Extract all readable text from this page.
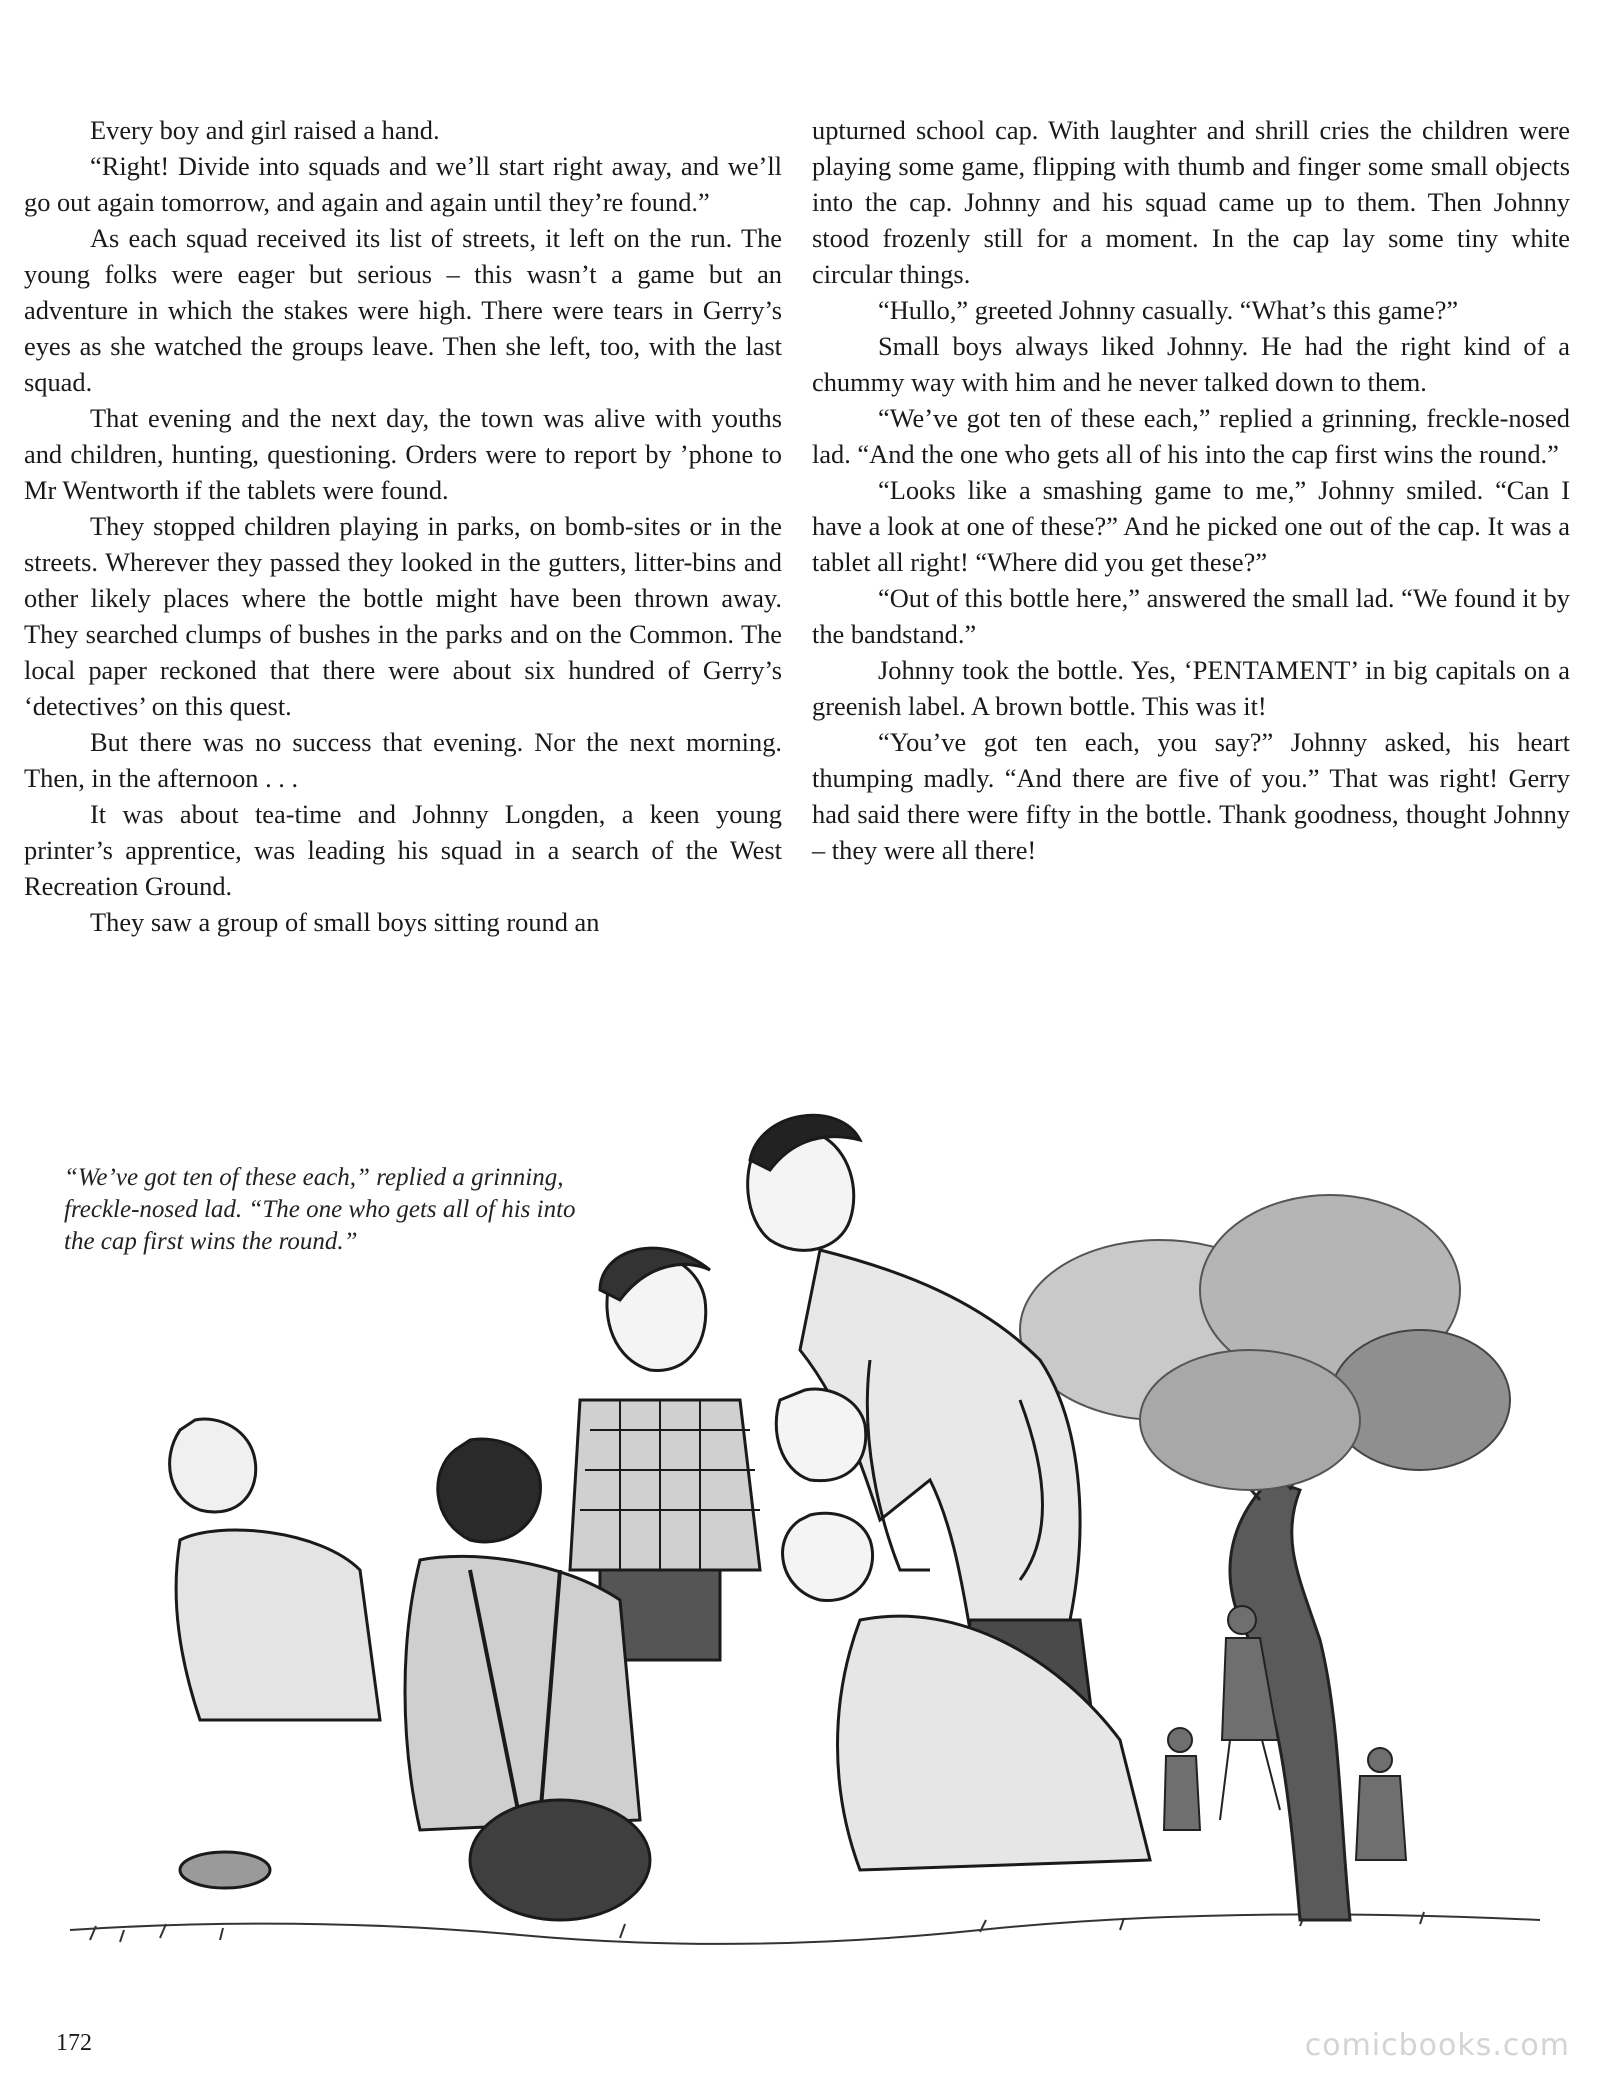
Every boy and girl raised a hand.

“Right! Divide into squads and we’ll start right away, and we’ll go out again tomorrow, and again and again until they’re found.”

As each squad received its list of streets, it left on the run. The young folks were eager but serious – this wasn’t a game but an adventure in which the stakes were high. There were tears in Gerry’s eyes as she watched the groups leave. Then she left, too, with the last squad.

That evening and the next day, the town was alive with youths and children, hunting, questioning. Orders were to report by ’phone to Mr Wentworth if the tablets were found.

They stopped children playing in parks, on bomb-sites or in the streets. Wherever they passed they looked in the gutters, litter-bins and other likely places where the bottle might have been thrown away. They searched clumps of bushes in the parks and on the Common. The local paper reckoned that there were about six hundred of Gerry’s ‘detectives’ on this quest.

But there was no success that evening. Nor the next morning. Then, in the afternoon . . .

It was about tea-time and Johnny Longden, a keen young printer’s apprentice, was leading his squad in a search of the West Recreation Ground.

They saw a group of small boys sitting round an

upturned school cap. With laughter and shrill cries the children were playing some game, flipping with thumb and finger some small objects into the cap. Johnny and his squad came up to them. Then Johnny stood frozenly still for a moment. In the cap lay some tiny white circular things.

“Hullo,” greeted Johnny casually. “What’s this game?”

Small boys always liked Johnny. He had the right kind of a chummy way with him and he never talked down to them.

“We’ve got ten of these each,” replied a grinning, freckle-nosed lad. “And the one who gets all of his into the cap first wins the round.”

“Looks like a smashing game to me,” Johnny smiled. “Can I have a look at one of these?” And he picked one out of the cap. It was a tablet all right! “Where did you get these?”

“Out of this bottle here,” answered the small lad. “We found it by the bandstand.”

Johnny took the bottle. Yes, ‘PENTAMENT’ in big capitals on a greenish label. A brown bottle. This was it!

“You’ve got ten each, you say?” Johnny asked, his heart thumping madly. “And there are five of you.” That was right! Gerry had said there were fifty in the bottle. Thank goodness, thought Johnny – they were all there!

“We’ve got ten of these each,” replied a grinning, freckle-nosed lad. “The one who gets all of his into the cap first wins the round.”
172	comicbooks.com
